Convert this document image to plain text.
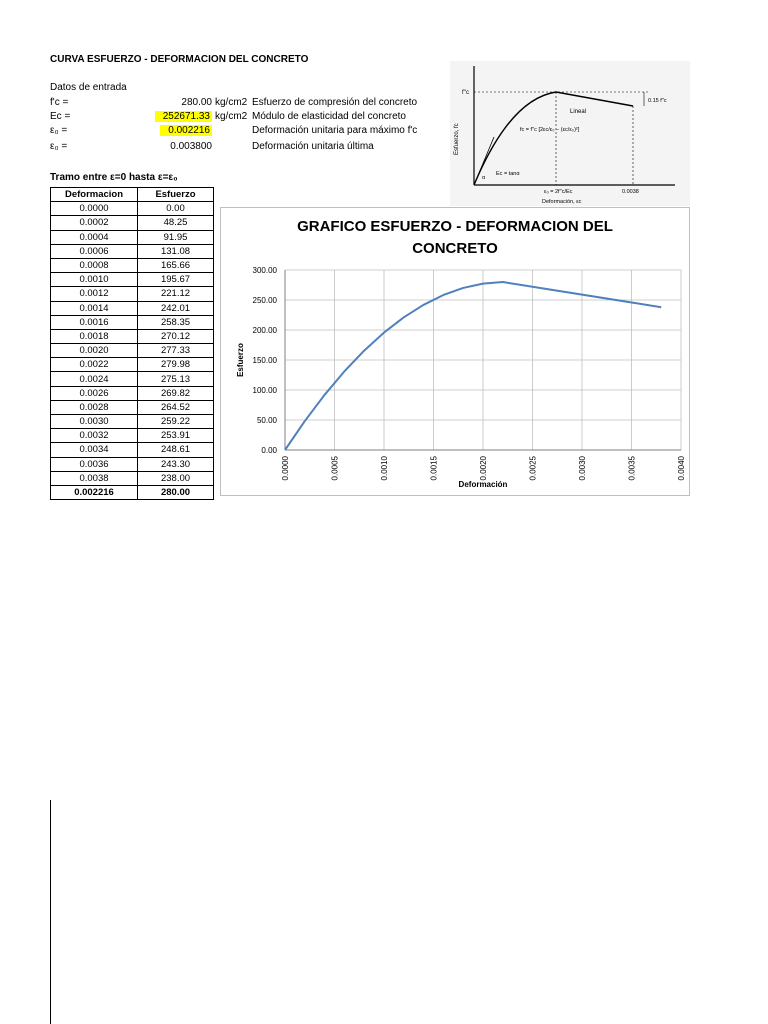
CURVA ESFUERZO - DEFORMACION DEL CONCRETO
Datos de entrada
f'c =	280.00 kg/cm2 Esfuerzo de compresión del concreto
Ec =	252671.33 kg/cm2 Módulo de elasticidad del concreto
ε₀ =	0.002216	Deformación unitaria para máximo f'c
ε₀ =	0.003800	Deformación unitaria última
Tramo entre ε=0 hasta ε=ε₀
Deformacion	Esfuerzo
0.0000	0.00
0.0002	48.25
0.0004	91.95
0.0006	131.08
0.0008	165.66
0.0010	195.67
0.0012	221.12
0.0014	242.01
0.0016	258.35
0.0018	270.12
0.0020	277.33
0.0022	279.98
0.0024	275.13
0.0026	269.82
0.0028	264.52
0.0030	259.22
0.0032	253.91
0.0034	248.61
0.0036	243.30
0.0038	238.00
0.002216	280.00
Esfuerzo, fc
f''c
Lineal
0.15 f''c
fc = f''c [2εc/ε₀ − (εc/ε₀)²]
Ec = tanα
α
ε₀ = 2f''c/Ec	0.0038
Deformación, εc
GRAFICO ESFUERZO - DEFORMACION DEL
CONCRETO
0.00
50.00
100.00
150.00
200.00
250.00
300.00
0.0000	0.0005	0.0010	0.0015	0.0020	0.0025	0.0030	0.0035	0.0040
Esfuerzo
Deformación
